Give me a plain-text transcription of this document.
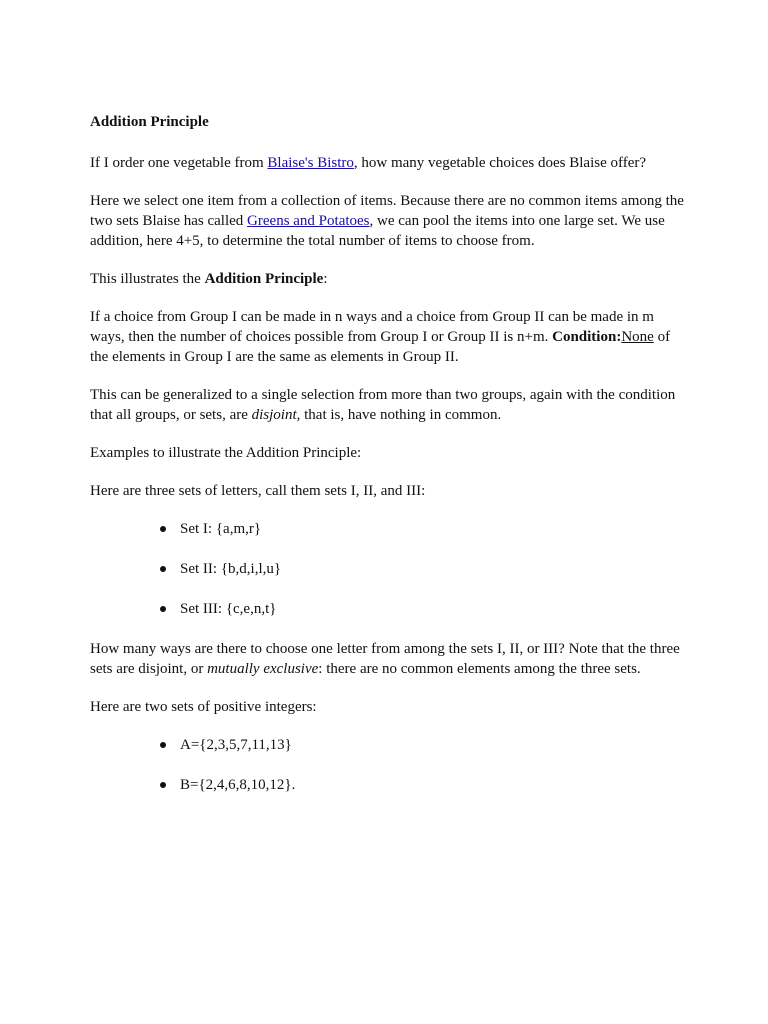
Addition Principle

If I order one vegetable from Blaise's Bistro, how many vegetable choices does Blaise offer?

Here we select one item from a collection of items. Because there are no common items among the two sets Blaise has called Greens and Potatoes, we can pool the items into one large set. We use addition, here 4+5, to determine the total number of items to choose from.

This illustrates the Addition Principle:

If a choice from Group I can be made in n ways and a choice from Group II can be made in m ways, then the number of choices possible from Group I or Group II is n+m. Condition:None of the elements in Group I are the same as elements in Group II.

This can be generalized to a single selection from more than two groups, again with the condition that all groups, or sets, are disjoint, that is, have nothing in common.

Examples to illustrate the Addition Principle:

Here are three sets of letters, call them sets I, II, and III:

Set I: {a,m,r}
Set II: {b,d,i,l,u}
Set III: {c,e,n,t}

How many ways are there to choose one letter from among the sets I, II, or III? Note that the three sets are disjoint, or mutually exclusive: there are no common elements among the three sets.

Here are two sets of positive integers:

A={2,3,5,7,11,13}
B={2,4,6,8,10,12}.
